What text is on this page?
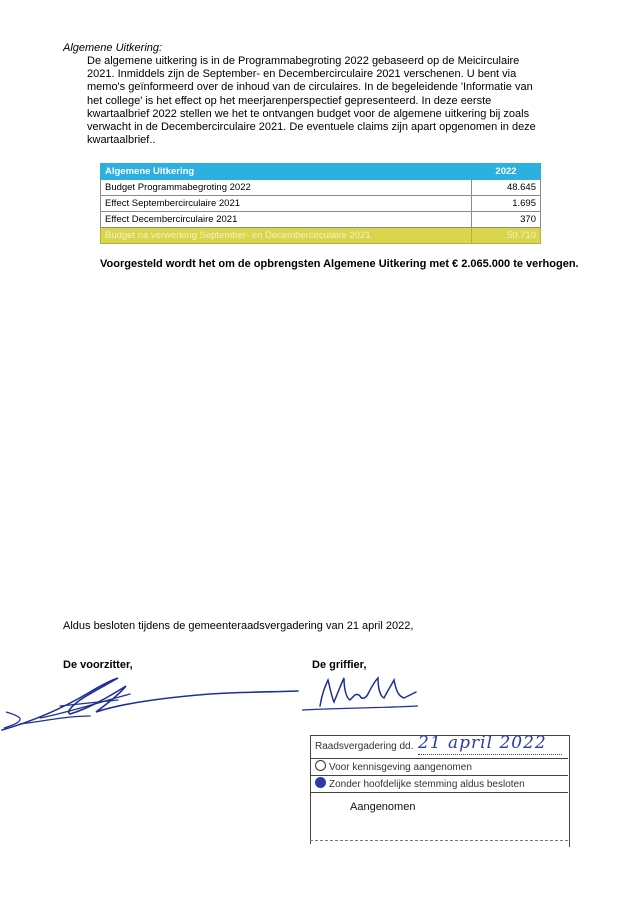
Algemene Uitkering:
De algemene uitkering is in de Programmabegroting 2022 gebaseerd op de Meicirculaire
2021. Inmiddels zijn de September- en Decembercirculaire 2021 verschenen. U bent via
memo's geïnformeerd over de inhoud van de circulaires. In de begeleidende 'Informatie van
het college' is het effect op het meerjarenperspectief gepresenteerd. In deze eerste
kwartaalbrief 2022 stellen we het te ontvangen budget voor de algemene uitkering bij zoals
verwacht in de Decembercirculaire 2021. De eventuele claims zijn apart opgenomen in deze
kwartaalbrief..
Algemene Uitkering	2022
Budget Programmabegroting 2022	48.645
Effect Septembercirculaire 2021	1.695
Effect Decembercirculaire 2021	370
Budget na verwerking September- en Decembercirculaire 2021	50.710
Voorgesteld wordt het om de opbrengsten Algemene Uitkering met € 2.065.000 te verhogen.
Aldus besloten tijdens de gemeenteraadsvergadering van 21 april 2022,
De voorzitter,	De griffier,
Raadsvergadering dd. 21 april 2022
Voor kennisgeving aangenomen
Zonder hoofdelijke stemming aldus besloten
Aangenomen
